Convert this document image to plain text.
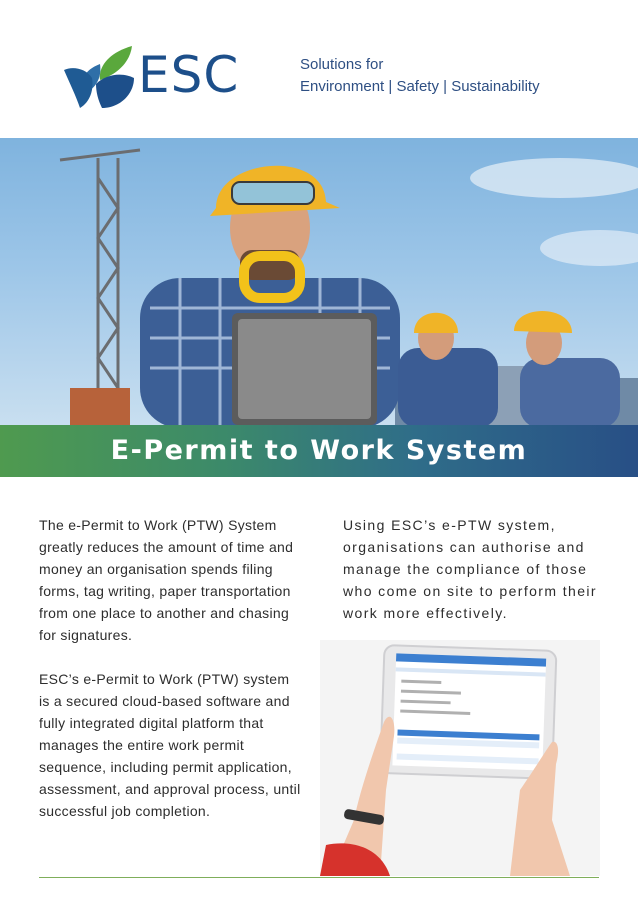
ESC	Solutions for
Environment | Safety | Sustainability
E-Permit to Work System

The e-Permit to Work (PTW) System greatly reduces the amount of time and money an organisation spends filing forms, tag writing, paper transportation from one place to another and chasing for signatures.

ESC’s e-Permit to Work (PTW) system is a secured cloud-based software and fully integrated digital platform that manages the entire work permit sequence, including permit application, assessment, and approval process, until successful job completion.

Using ESC’s e-PTW system, organisations can authorise and manage the compliance of those who come on site to perform their work more effectively.
